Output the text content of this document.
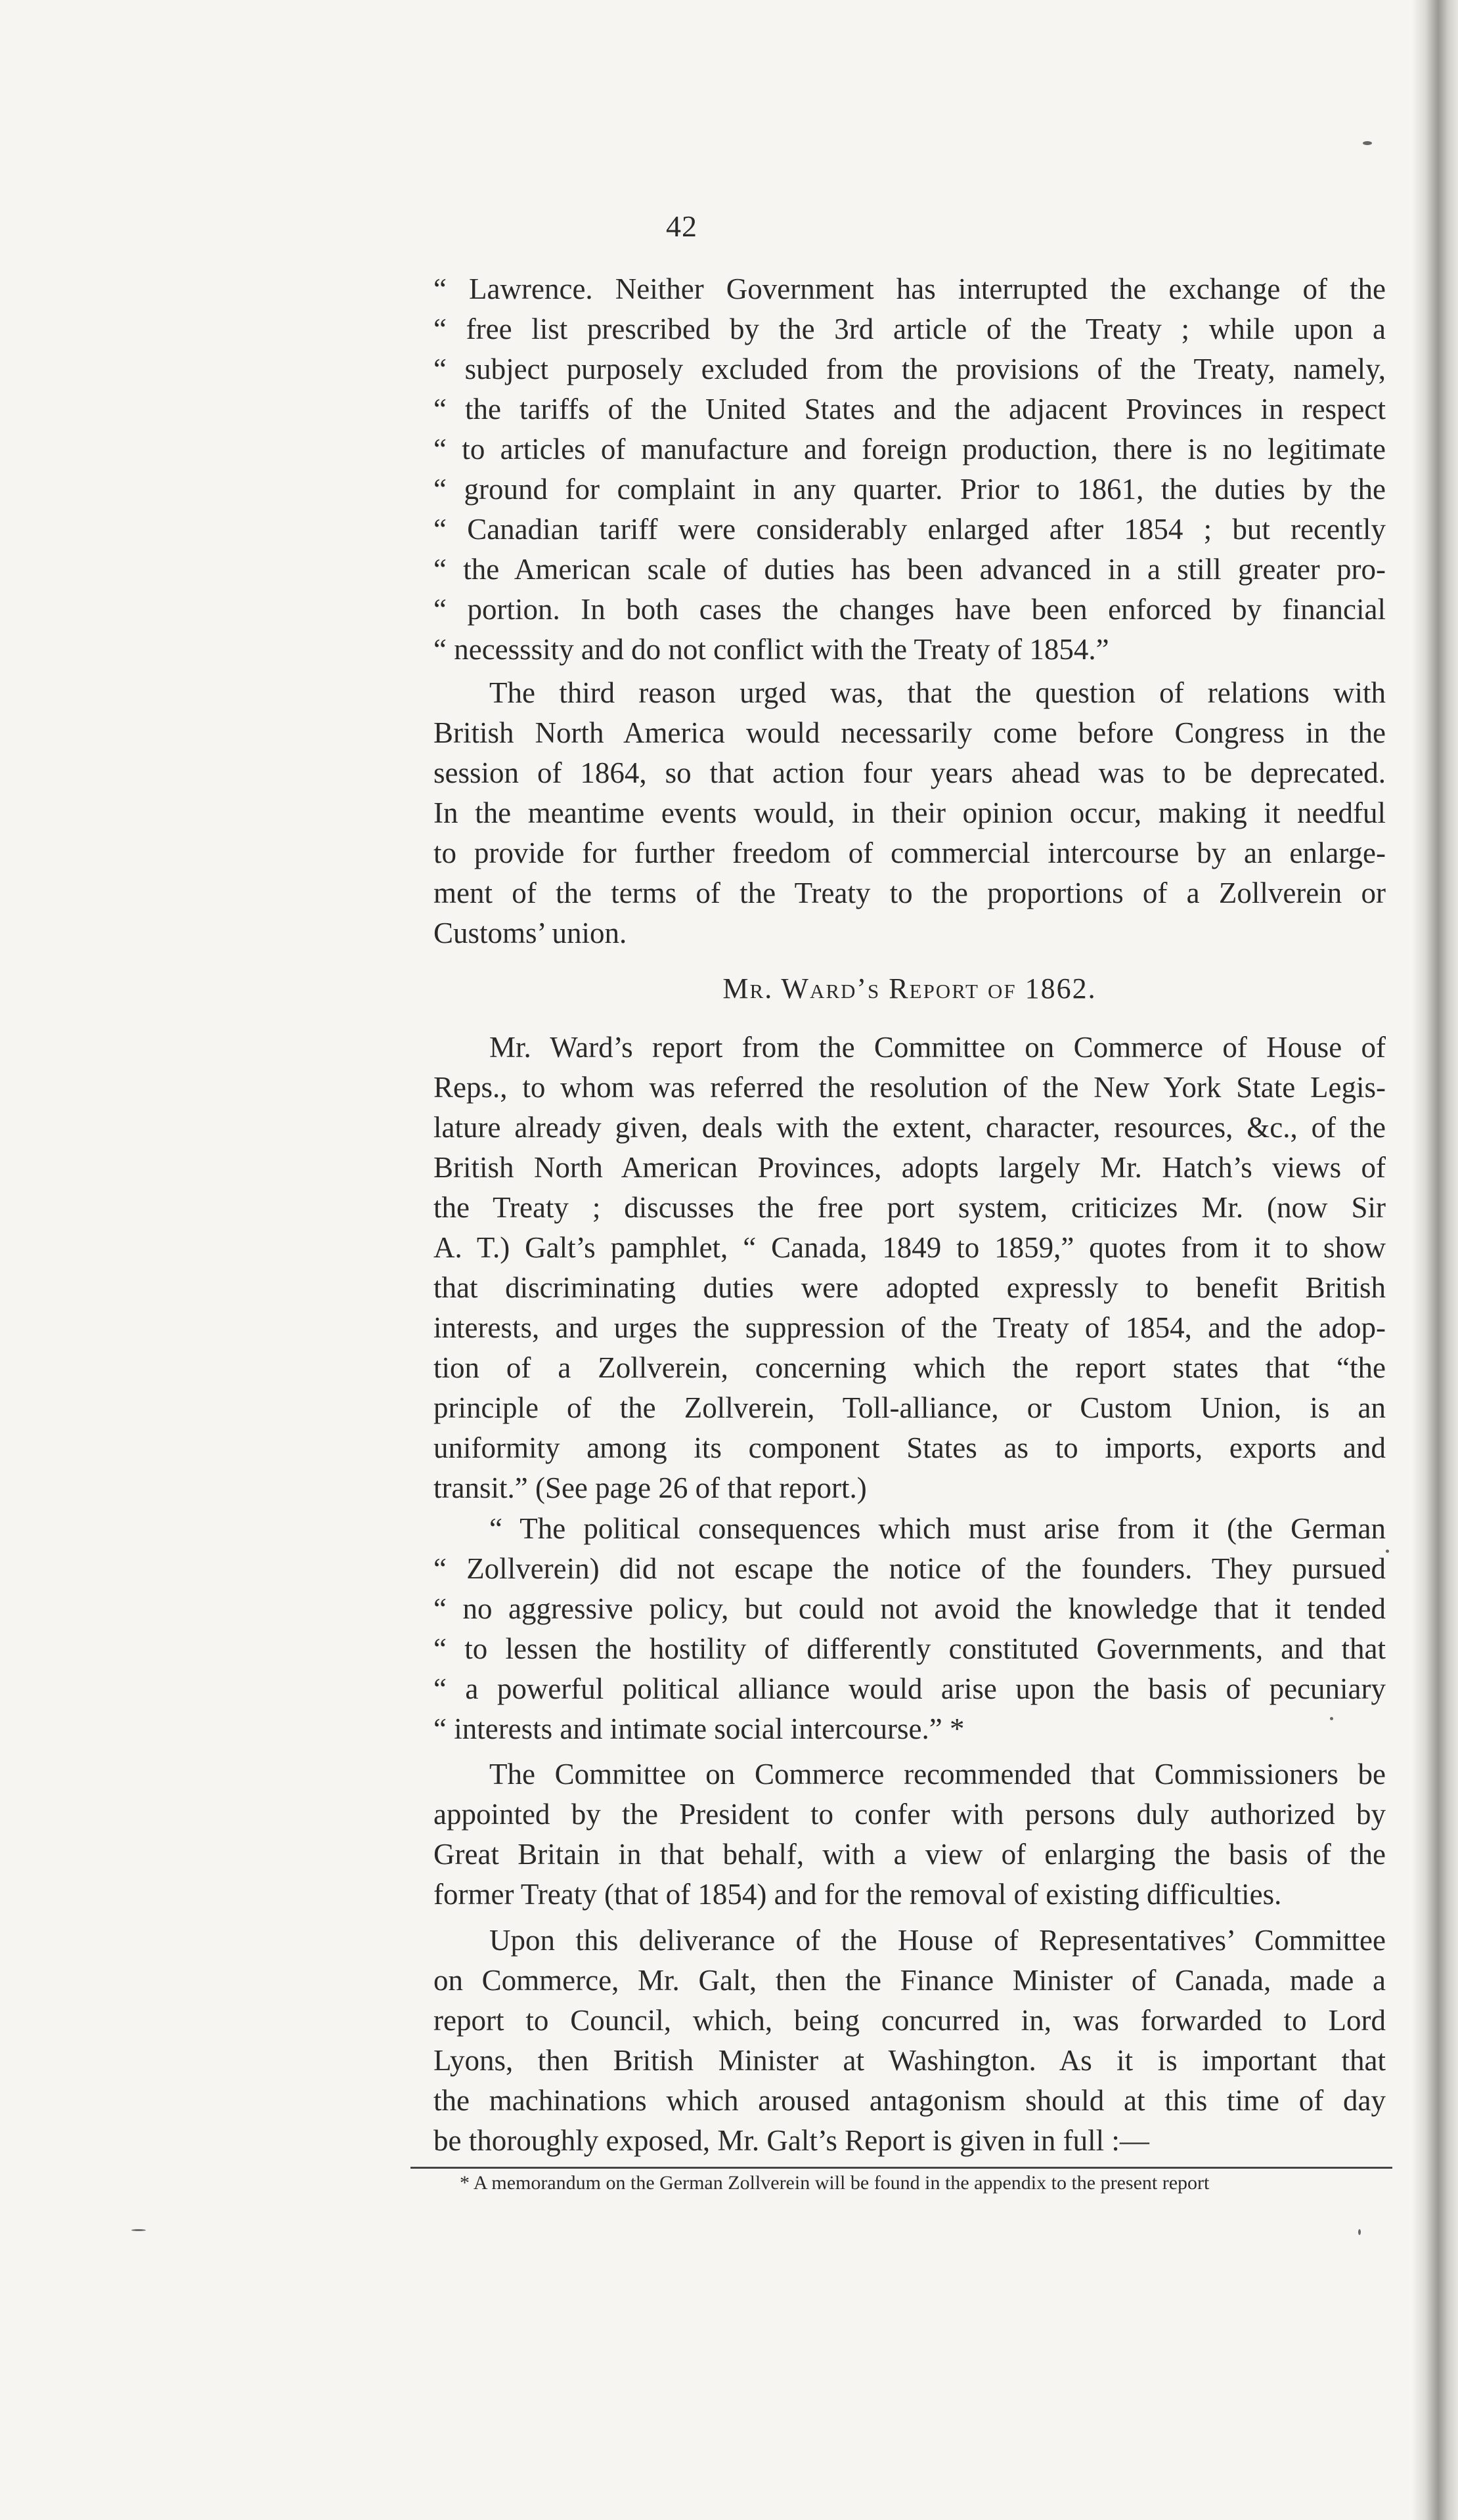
42
“ Lawrence. Neither Government has interrupted the exchange of the
“ free list prescribed by the 3rd article of the Treaty ; while upon a
“ subject purposely excluded from the provisions of the Treaty, namely,
“ the tariffs of the United States and the adjacent Provinces in respect
“ to articles of manufacture and foreign production, there is no legitimate
“ ground for complaint in any quarter. Prior to 1861, the duties by the
“ Canadian tariff were considerably enlarged after 1854 ; but recently
“ the American scale of duties has been advanced in a still greater pro-
“ portion. In both cases the changes have been enforced by financial
“ necesssity and do not conflict with the Treaty of 1854.”
The third reason urged was, that the question of relations with
British North America would necessarily come before Congress in the
session of 1864, so that action four years ahead was to be deprecated.
In the meantime events would, in their opinion occur, making it needful
to provide for further freedom of commercial intercourse by an enlarge-
ment of the terms of the Treaty to the proportions of a Zollverein or
Customs’ union.
Mr. Ward’s Report of 1862.
Mr. Ward’s report from the Committee on Commerce of House of
Reps., to whom was referred the resolution of the New York State Legis-
lature already given, deals with the extent, character, resources, &c., of the
British North American Provinces, adopts largely Mr. Hatch’s views of
the Treaty ; discusses the free port system, criticizes Mr. (now Sir
A. T.) Galt’s pamphlet, “ Canada, 1849 to 1859,” quotes from it to show
that discriminating duties were adopted expressly to benefit British
interests, and urges the suppression of the Treaty of 1854, and the adop-
tion of a Zollverein, concerning which the report states that “the
principle of the Zollverein, Toll-alliance, or Custom Union, is an
uniformity among its component States as to imports, exports and
transit.” (See page 26 of that report.)
“ The political consequences which must arise from it (the German
“ Zollverein) did not escape the notice of the founders. They pursued
“ no aggressive policy, but could not avoid the knowledge that it tended
“ to lessen the hostility of differently constituted Governments, and that
“ a powerful political alliance would arise upon the basis of pecuniary
“ interests and intimate social intercourse.” *
The Committee on Commerce recommended that Commissioners be
appointed by the President to confer with persons duly authorized by
Great Britain in that behalf, with a view of enlarging the basis of the
former Treaty (that of 1854) and for the removal of existing difficulties.
Upon this deliverance of the House of Representatives’ Committee
on Commerce, Mr. Galt, then the Finance Minister of Canada, made a
report to Council, which, being concurred in, was forwarded to Lord
Lyons, then British Minister at Washington. As it is important that
the machinations which aroused antagonism should at this time of day
be thoroughly exposed, Mr. Galt’s Report is given in full :—
* A memorandum on the German Zollverein will be found in the appendix to the present report
